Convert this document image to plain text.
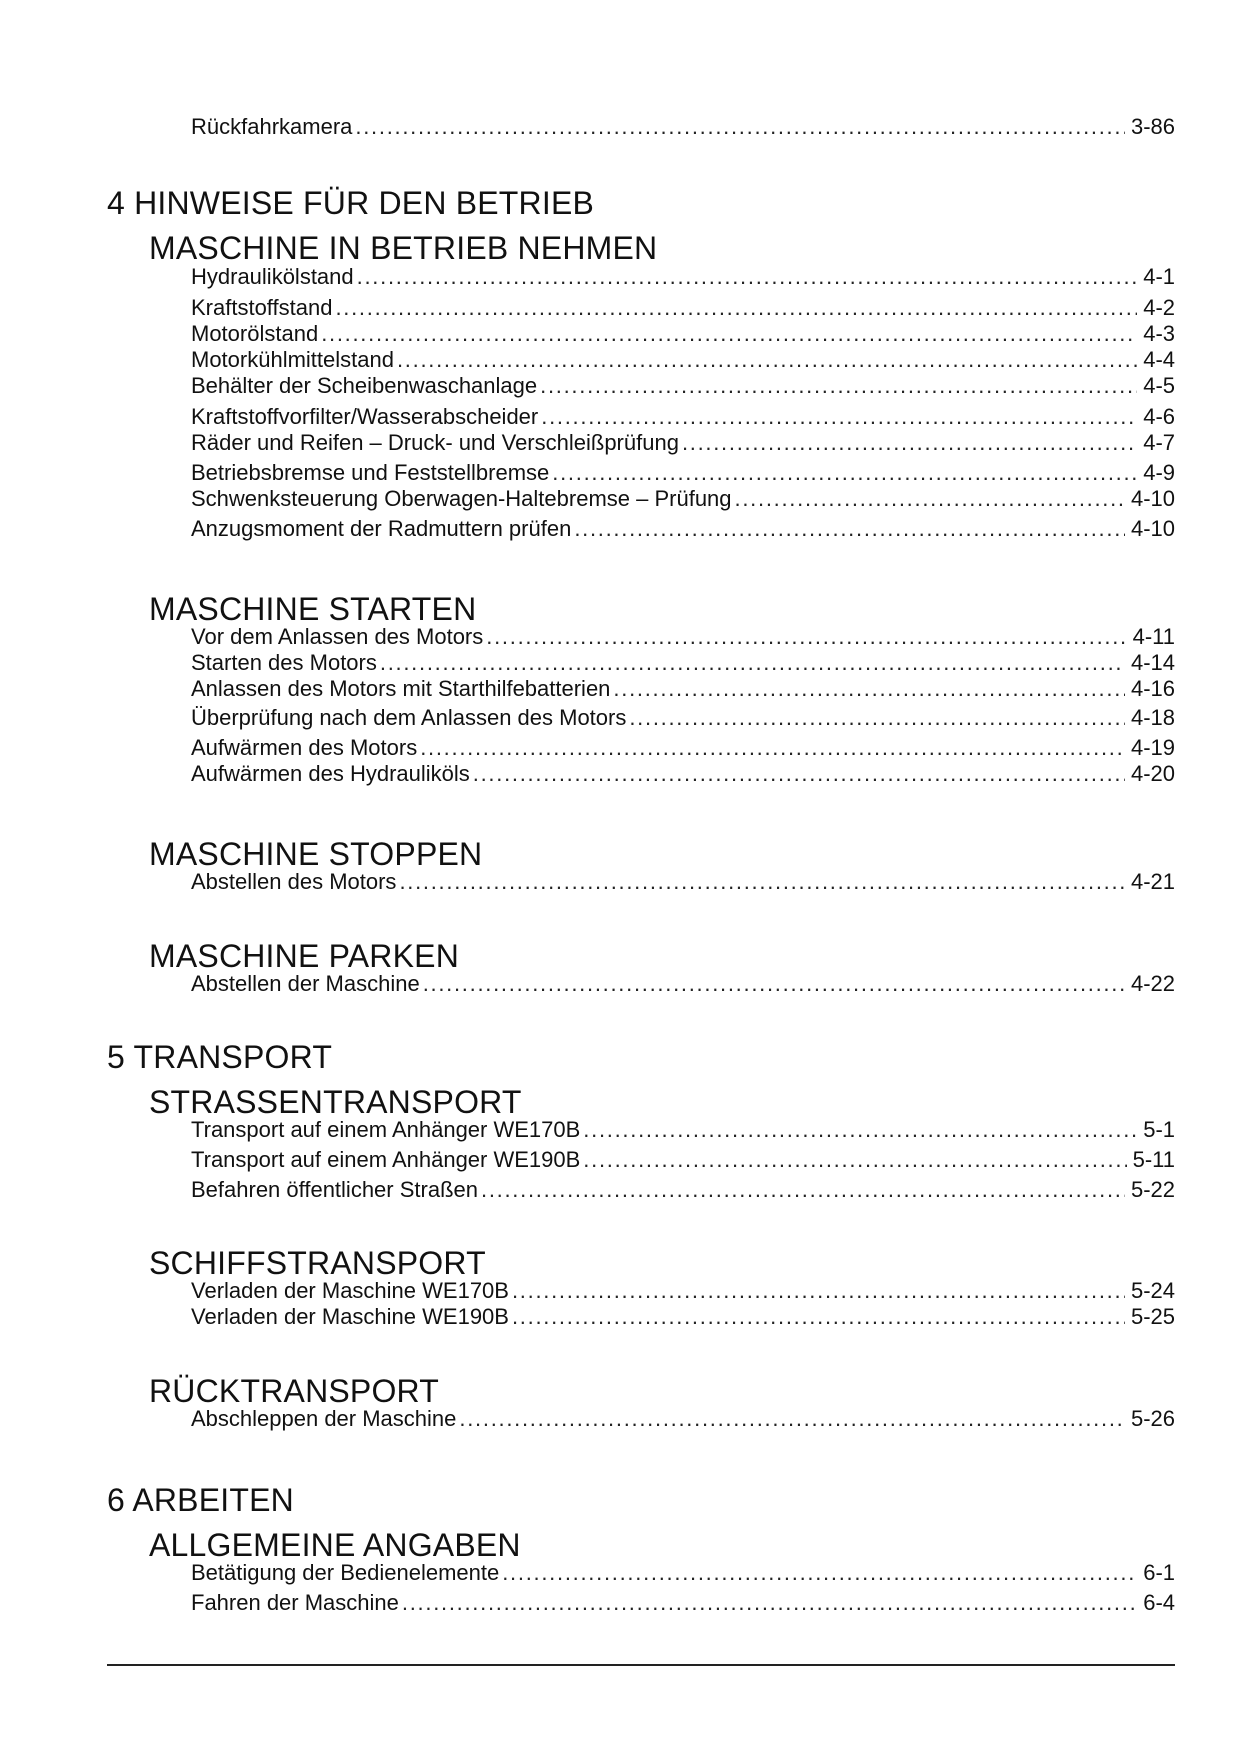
Rückfahrkamera . . .	3-86
4 HINWEISE FÜR DEN BETRIEB
MASCHINE IN BETRIEB NEHMEN
Hydraulikölstand . . .	4-1
Kraftstoffstand . . .	4-2
Motorölstand . . .	4-3
Motorkühlmittelstand . . .	4-4
Behälter der Scheibenwaschanlage . . .	4-5
Kraftstoffvorfilter/Wasserabscheider . . .	4-6
Räder und Reifen – Druck- und Verschleißprüfung . . .	4-7
Betriebsbremse und Feststellbremse . . .	4-9
Schwenksteuerung Oberwagen-Haltebremse – Prüfung . . .	4-10
Anzugsmoment der Radmuttern prüfen . . .	4-10
MASCHINE STARTEN
Vor dem Anlassen des Motors . . .	4-11
Starten des Motors . . .	4-14
Anlassen des Motors mit Starthilfebatterien . . .	4-16
Überprüfung nach dem Anlassen des Motors . . .	4-18
Aufwärmen des Motors . . .	4-19
Aufwärmen des Hydrauliköls . . .	4-20
MASCHINE STOPPEN
Abstellen des Motors . . .	4-21
MASCHINE PARKEN
Abstellen der Maschine . . .	4-22
5 TRANSPORT
STRASSENTRANSPORT
Transport auf einem Anhänger WE170B . . .	5-1
Transport auf einem Anhänger WE190B . . .	5-11
Befahren öffentlicher Straßen . . .	5-22
SCHIFFSTRANSPORT
Verladen der Maschine WE170B . . .	5-24
Verladen der Maschine WE190B . . .	5-25
RÜCKTRANSPORT
Abschleppen der Maschine . . .	5-26
6 ARBEITEN
ALLGEMEINE ANGABEN
Betätigung der Bedienelemente . . .	6-1
Fahren der Maschine . . .	6-4
